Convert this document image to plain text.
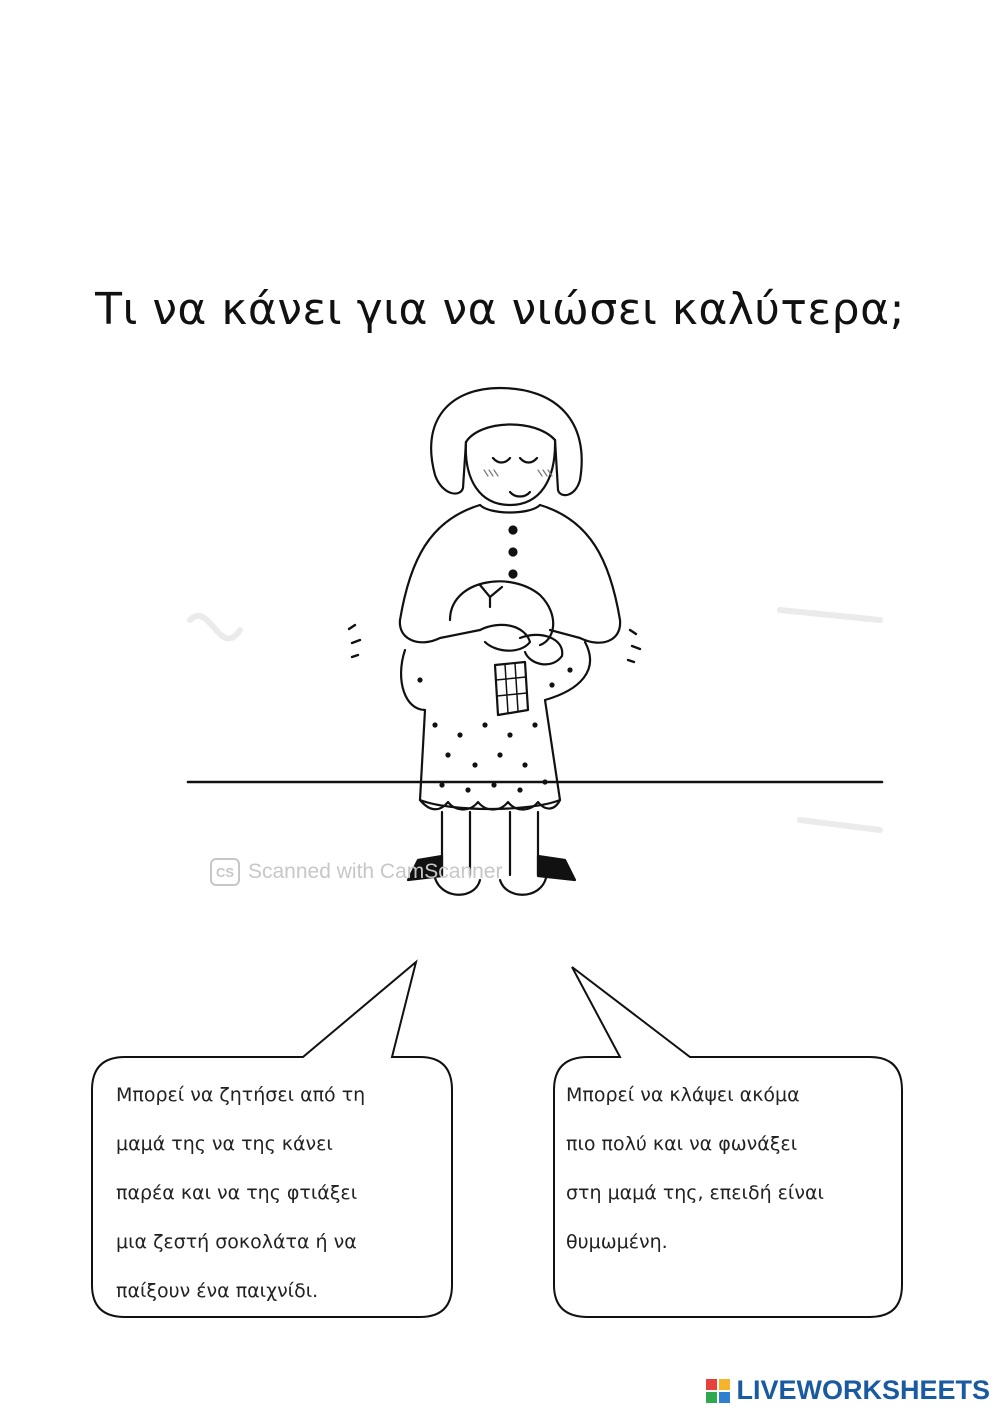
Τι να κάνει για να νιώσει καλύτερα;
CS Scanned with CamScanner
Μπορεί να ζητήσει από τη
μαμά της να της κάνει
παρέα και να της φτιάξει
μια ζεστή σοκολάτα ή να
παίξουν ένα παιχνίδι.
Μπορεί να κλάψει ακόμα
πιο πολύ και να φωνάξει
στη μαμά της, επειδή είναι
θυμωμένη.
LIVEWORKSHEETS
